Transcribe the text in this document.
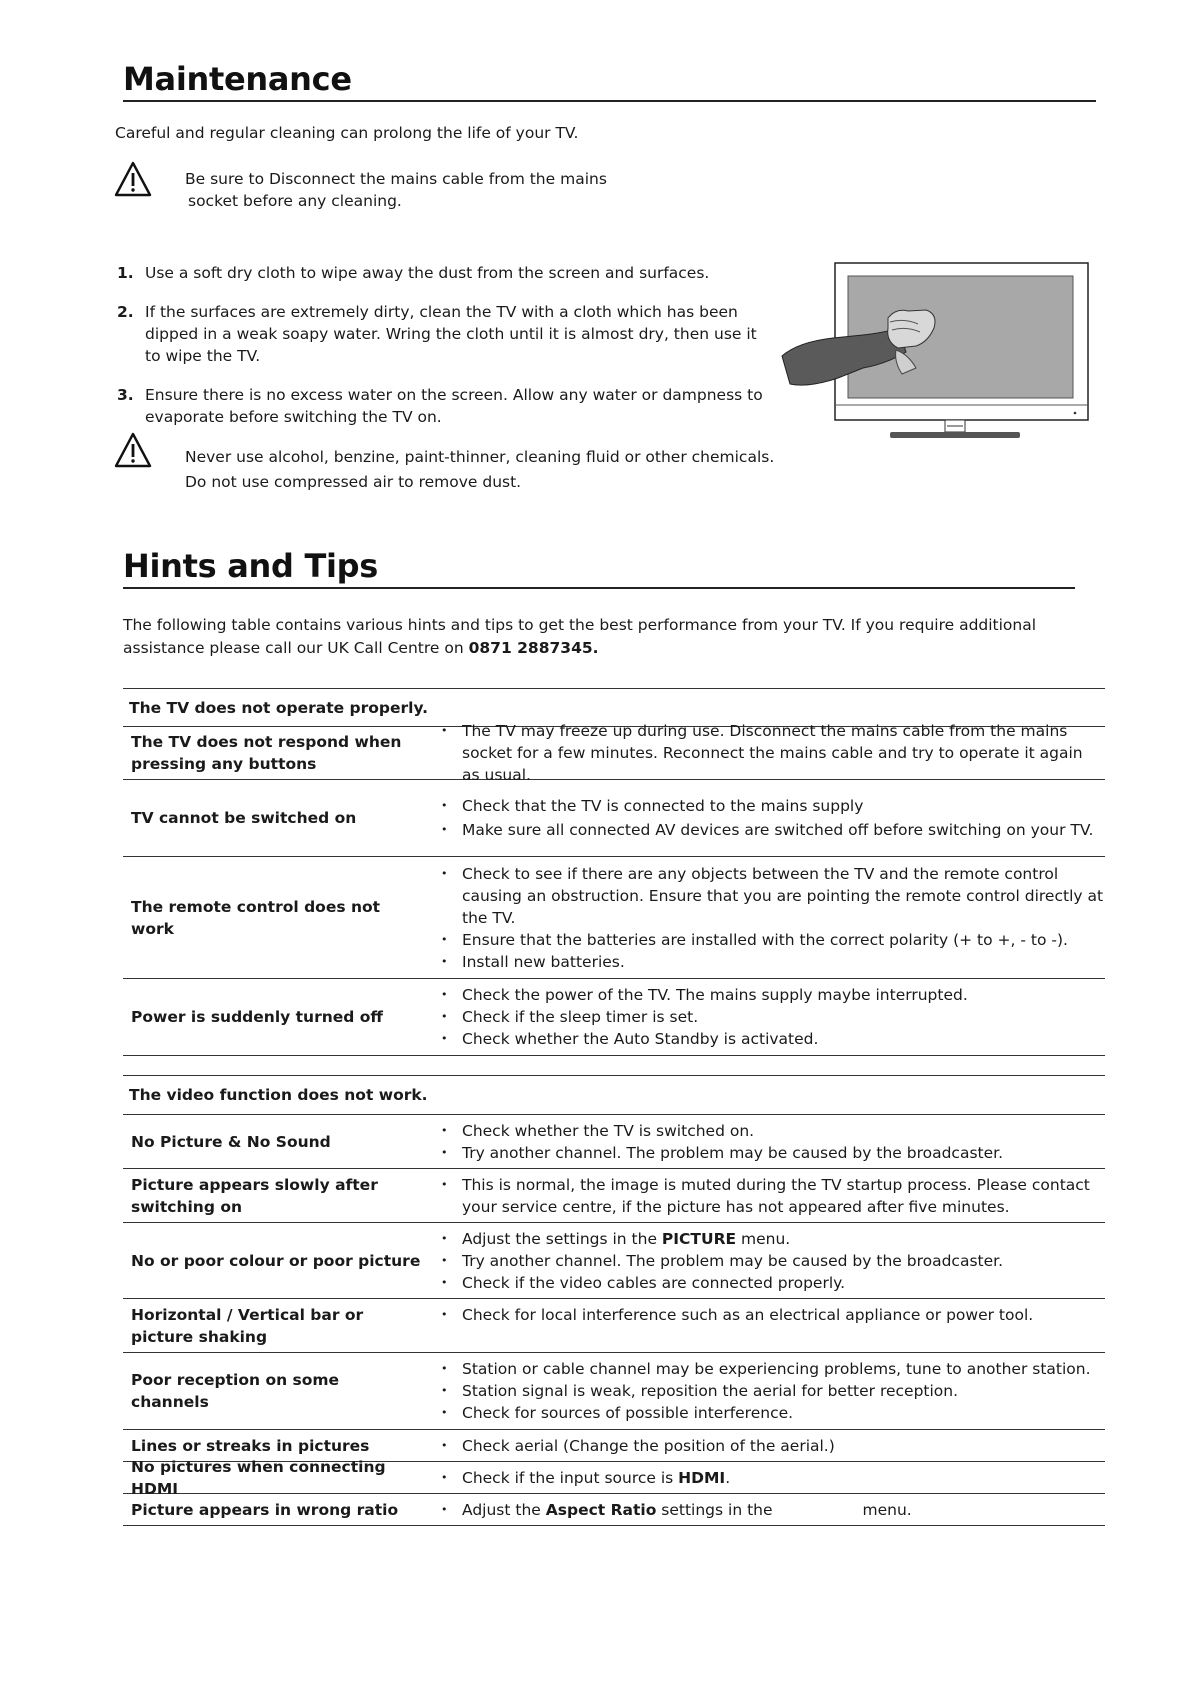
Maintenance

Careful and regular cleaning can prolong the life of your TV.

Be sure to Disconnect the mains cable from the mains
socket before any cleaning.
1. Use a soft dry cloth to wipe away the dust from the screen and surfaces.
2. If the surfaces are extremely dirty, clean the TV with a cloth which has been dipped in a weak soapy water. Wring the cloth until it is almost dry, then use it to wipe the TV.
3. Ensure there is no excess water on the screen. Allow any water or dampness to evaporate before switching the TV on.
Never use alcohol, benzine, paint-thinner, cleaning fluid or other chemicals.
Do not use compressed air to remove dust.
Hints and Tips
The following table contains various hints and tips to get the best performance from your TV. If you require additional assistance please call our UK Call Centre on 0871 2887345.
The TV does not operate properly.
The TV does not respond when pressing any buttons
• The TV may freeze up during use. Disconnect the mains cable from the mains socket for a few minutes. Reconnect the mains cable and try to operate it again as usual.
TV cannot be switched on
• Check that the TV is connected to the mains supply
• Make sure all connected AV devices are switched off before switching on your TV.
The remote control does not work
• Check to see if there are any objects between the TV and the remote control causing an obstruction. Ensure that you are pointing the remote control directly at the TV.
• Ensure that the batteries are installed with the correct polarity (+ to +, - to -).
• Install new batteries.
Power is suddenly turned off
• Check the power of the TV. The mains supply maybe interrupted.
• Check if the sleep timer is set.
• Check whether the Auto Standby is activated.
The video function does not work.
No Picture & No Sound
• Check whether the TV is switched on.
• Try another channel. The problem may be caused by the broadcaster.
Picture appears slowly after switching on
• This is normal, the image is muted during the TV startup process. Please contact your service centre, if the picture has not appeared after five minutes.
No or poor colour or poor picture
• Adjust the settings in the PICTURE menu.
• Try another channel. The problem may be caused by the broadcaster.
• Check if the video cables are connected properly.
Horizontal / Vertical bar or picture shaking
• Check for local interference such as an electrical appliance or power tool.
Poor reception on some channels
• Station or cable channel may be experiencing problems, tune to another station.
• Station signal is weak, reposition the aerial for better reception.
• Check for sources of possible interference.
Lines or streaks in pictures	• Check aerial (Change the position of the aerial.)
No pictures when connecting HDMI
• Check if the input source is HDMI.
Picture appears in wrong ratio	• Adjust the Aspect Ratio settings in the	menu.
